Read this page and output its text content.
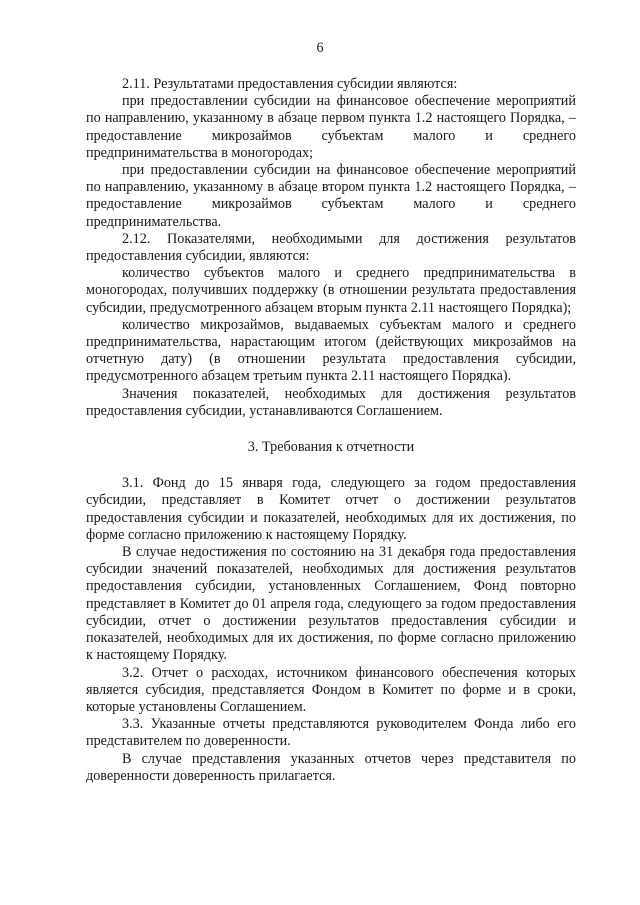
6

2.11. Результатами предоставления субсидии являются:

при предоставлении субсидии на финансовое обеспечение мероприятий по направлению, указанному в абзаце первом пункта 1.2 настоящего Порядка, – предоставление микрозаймов субъектам малого и среднего предпринимательства в моногородах;

при предоставлении субсидии на финансовое обеспечение мероприятий по направлению, указанному в абзаце втором пункта 1.2 настоящего Порядка, – предоставление микрозаймов субъектам малого и среднего предпринимательства.

2.12. Показателями, необходимыми для достижения результатов предоставления субсидии, являются:

количество субъектов малого и среднего предпринимательства в моногородах, получивших поддержку (в отношении результата предоставления субсидии, предусмотренного абзацем вторым пункта 2.11 настоящего Порядка);

количество микрозаймов, выдаваемых субъектам малого и среднего предпринимательства, нарастающим итогом (действующих микрозаймов на отчетную дату) (в отношении результата предоставления субсидии, предусмотренного абзацем третьим пункта 2.11 настоящего Порядка).

Значения показателей, необходимых для достижения результатов предоставления субсидии, устанавливаются Соглашением.

3. Требования к отчетности

3.1. Фонд до 15 января года, следующего за годом предоставления субсидии, представляет в Комитет отчет о достижении результатов предоставления субсидии и показателей, необходимых для их достижения, по форме согласно приложению к настоящему Порядку.

В случае недостижения по состоянию на 31 декабря года предоставления субсидии значений показателей, необходимых для достижения результатов предоставления субсидии, установленных Соглашением, Фонд повторно представляет в Комитет до 01 апреля года, следующего за годом предоставления субсидии, отчет о достижении результатов предоставления субсидии и показателей, необходимых для их достижения, по форме согласно приложению к настоящему Порядку.

3.2. Отчет о расходах, источником финансового обеспечения которых является субсидия, представляется Фондом в Комитет по форме и в сроки, которые установлены Соглашением.

3.3. Указанные отчеты представляются руководителем Фонда либо его представителем по доверенности.

В случае представления указанных отчетов через представителя по доверенности доверенность прилагается.
